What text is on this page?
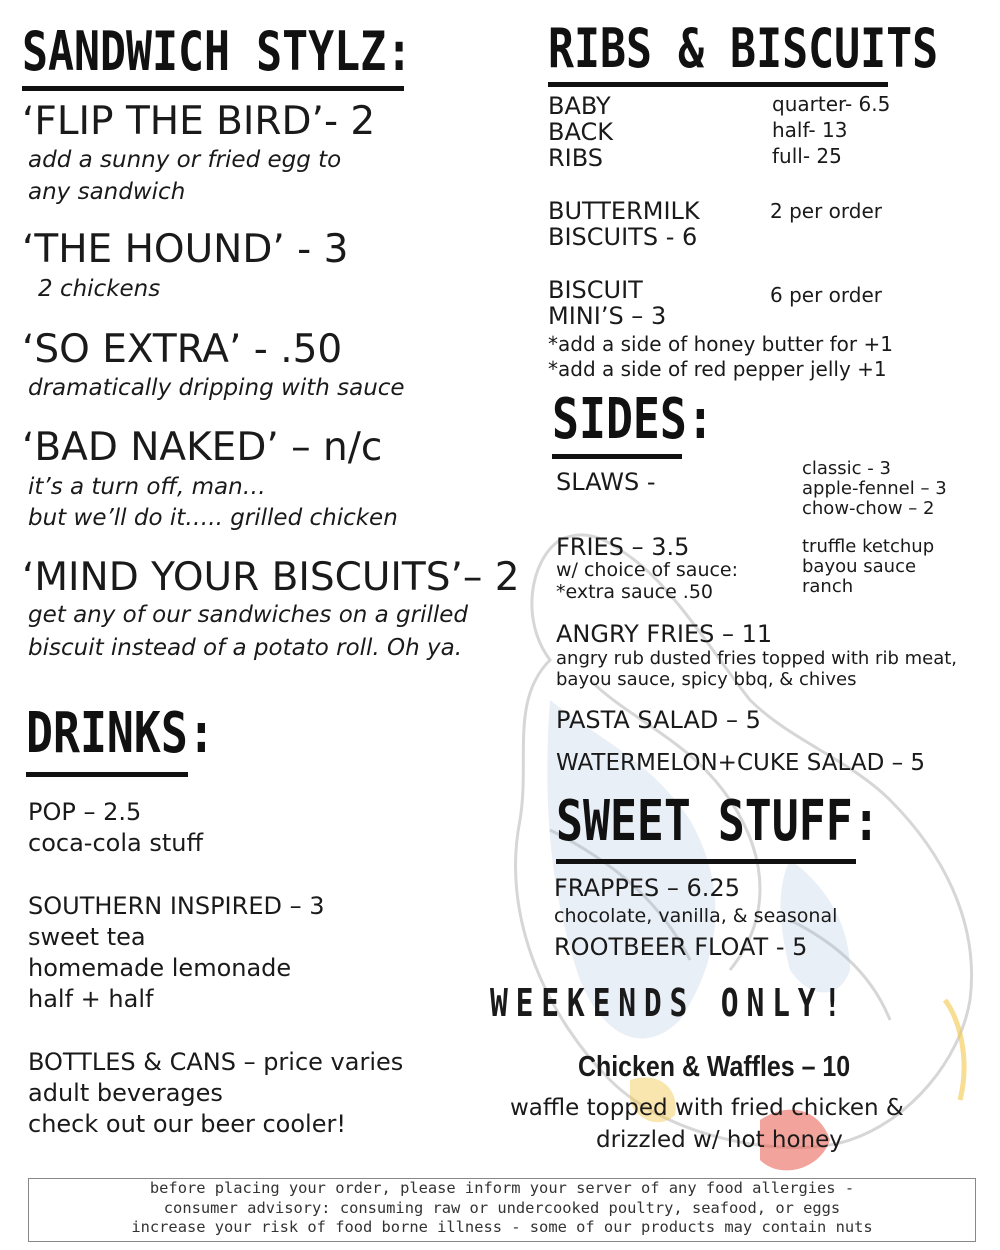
SANDWICH STYLZ:
‘FLIP THE BIRD’- 2
add a sunny or fried egg to
any sandwich
‘THE HOUND’ - 3
2 chickens
‘SO EXTRA’ - .50
dramatically dripping with sauce
‘BAD NAKED’ – n/c
it’s a turn off, man…
but we’ll do it….. grilled chicken
‘MIND YOUR BISCUITS’– 2
get any of our sandwiches on a grilled
biscuit instead of a potato roll. Oh ya.
DRINKS:
POP – 2.5
coca-cola stuff
SOUTHERN INSPIRED – 3
sweet tea
homemade lemonade
half + half
BOTTLES & CANS – price varies
adult beverages
check out our beer cooler!
RIBS & BISCUITS
BABY
BACK
RIBS
quarter- 6.5
half- 13
full- 25
BUTTERMILK
BISCUITS - 6
2 per order
BISCUIT
MINI’S – 3
6 per order
*add a side of honey butter for +1
*add a side of red pepper jelly +1
SIDES:
SLAWS -	classic - 3
apple-fennel – 3
chow-chow – 2
FRIES – 3.5
w/ choice of sauce:
*extra sauce .50
truffle ketchup
bayou sauce
ranch
ANGRY FRIES – 11
angry rub dusted fries topped with rib meat,
bayou sauce, spicy bbq, & chives
PASTA SALAD – 5
WATERMELON+CUKE SALAD – 5
SWEET STUFF:
FRAPPES – 6.25
chocolate, vanilla, & seasonal
ROOTBEER FLOAT - 5
WEEKENDS ONLY!
Chicken & Waffles – 10
waffle topped with fried chicken &
drizzled w/ hot honey
before placing your order, please inform your server of any food allergies -
consumer advisory: consuming raw or undercooked poultry, seafood, or eggs
increase your risk of food borne illness - some of our products may contain nuts
